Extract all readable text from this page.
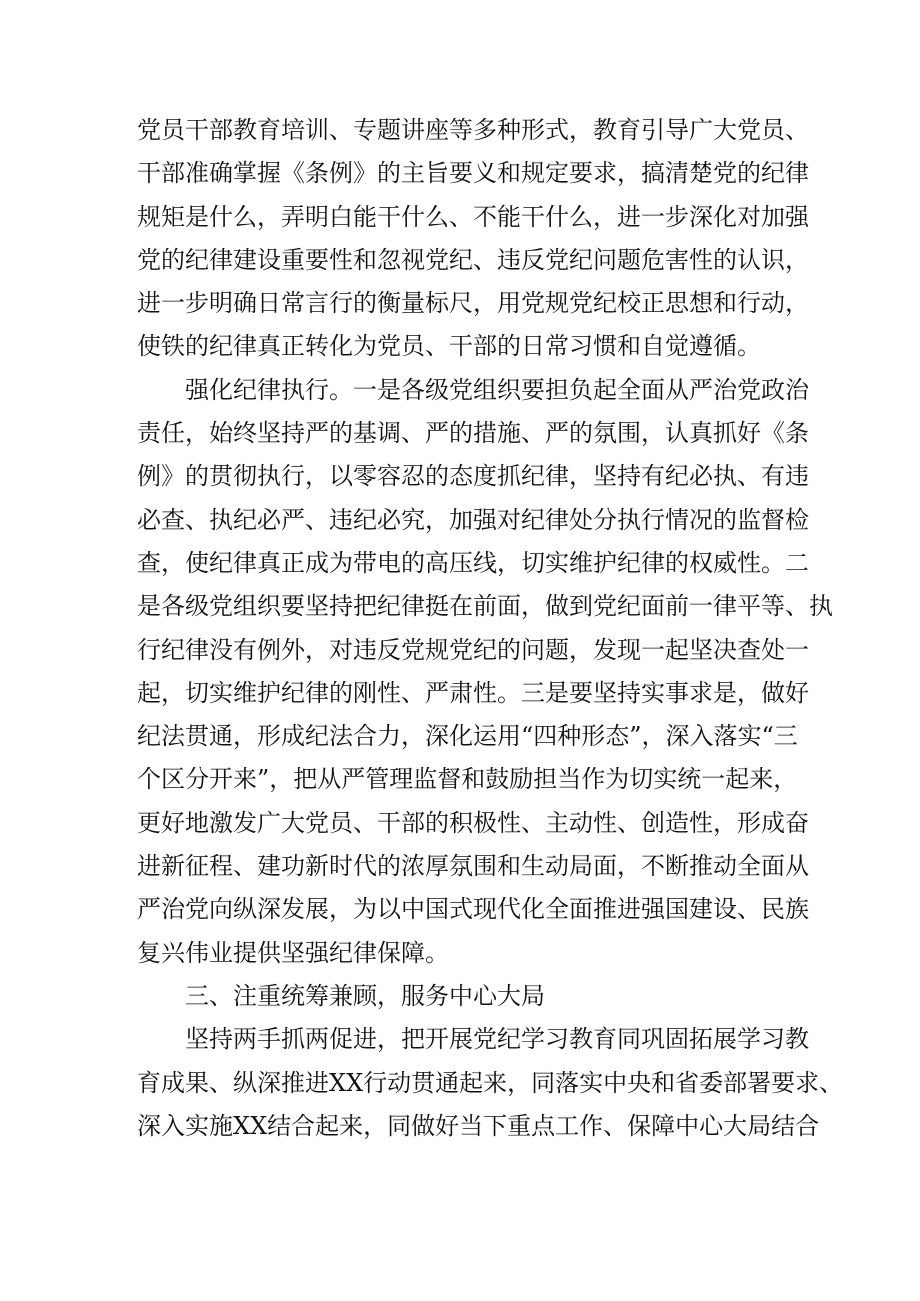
党员干部教育培训、专题讲座等多种形式，教育引导广大党员、
干部准确掌握《条例》的主旨要义和规定要求，搞清楚党的纪律
规矩是什么，弄明白能干什么、不能干什么，进一步深化对加强
党的纪律建设重要性和忽视党纪、违反党纪问题危害性的认识，
进一步明确日常言行的衡量标尺，用党规党纪校正思想和行动，
使铁的纪律真正转化为党员、干部的日常习惯和自觉遵循。
强化纪律执行。一是各级党组织要担负起全面从严治党政治
责任，始终坚持严的基调、严的措施、严的氛围，认真抓好《条
例》的贯彻执行，以零容忍的态度抓纪律，坚持有纪必执、有违
必查、执纪必严、违纪必究，加强对纪律处分执行情况的监督检
查，使纪律真正成为带电的高压线，切实维护纪律的权威性。二
是各级党组织要坚持把纪律挺在前面，做到党纪面前一律平等、执
行纪律没有例外，对违反党规党纪的问题，发现一起坚决查处一
起，切实维护纪律的刚性、严肃性。三是要坚持实事求是，做好
纪法贯通，形成纪法合力，深化运用“四种形态”，深入落实“三
个区分开来”，把从严管理监督和鼓励担当作为切实统一起来，
更好地激发广大党员、干部的积极性、主动性、创造性，形成奋
进新征程、建功新时代的浓厚氛围和生动局面，不断推动全面从
严治党向纵深发展，为以中国式现代化全面推进强国建设、民族
复兴伟业提供坚强纪律保障。
三、注重统筹兼顾，服务中心大局
坚持两手抓两促进，把开展党纪学习教育同巩固拓展学习教
育成果、纵深推进XX行动贯通起来，同落实中央和省委部署要求、
深入实施XX结合起来，同做好当下重点工作、保障中心大局结合
